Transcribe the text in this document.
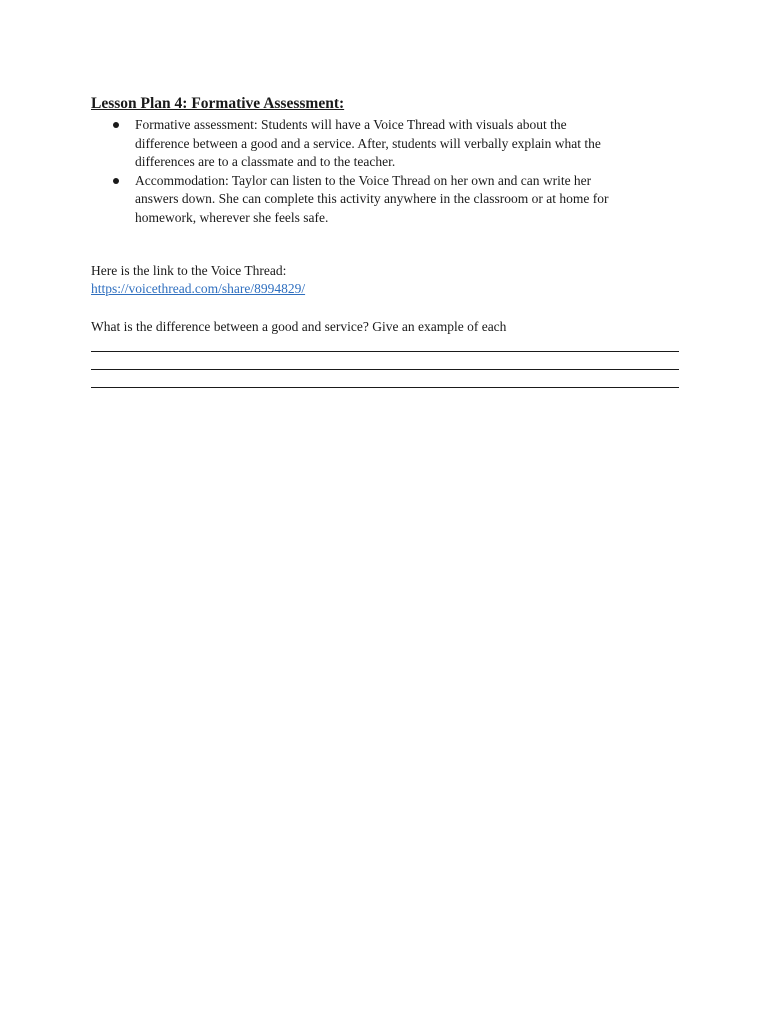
Lesson Plan 4: Formative Assessment:
Formative assessment: Students will have a Voice Thread with visuals about the
difference between a good and a service. After, students will verbally explain what the
differences are to a classmate and to the teacher.
Accommodation: Taylor can listen to the Voice Thread on her own and can write her
answers down. She can complete this activity anywhere in the classroom or at home for
homework, wherever she feels safe.
Here is the link to the Voice Thread:
https://voicethread.com/share/8994829/
What is the difference between a good and service? Give an example of each
